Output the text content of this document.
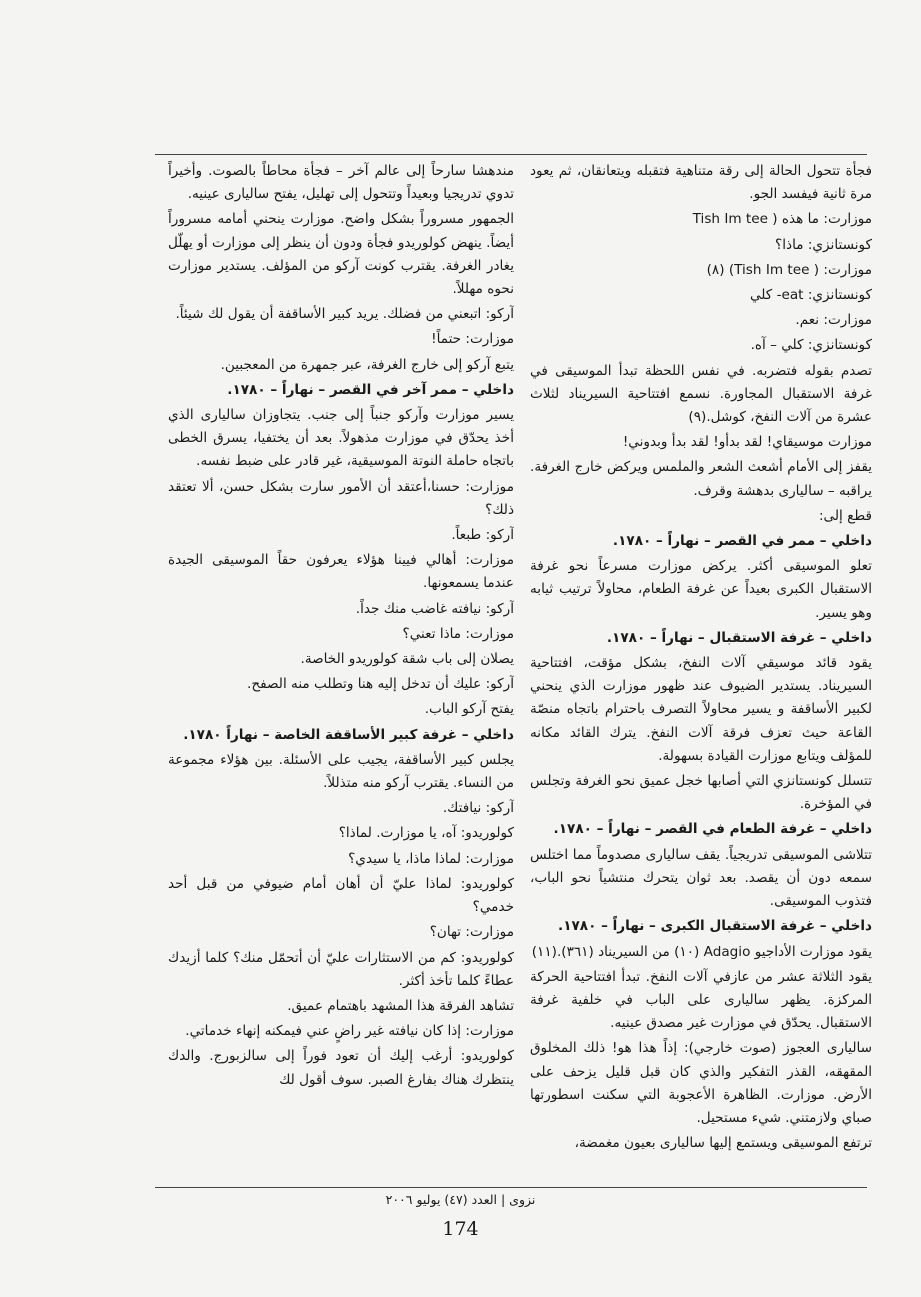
فجأة تتحول الحالة إلى رقة متناهية فتقبله ويتعانقان، ثم يعود مرة ثانية فيفسد الجو.

موزارت: ما هذه ( Tish Im tee

كونستانزي: ماذا؟

موزارت: ( Tish Im tee) (٨)

كونستانزي: eat- كلي

موزارت: نعم.

كونستانزي: كلي – آه.

تصدم بقوله فتضربه. في نفس اللحظة تبدأ الموسيقى في غرفة الاستقبال المجاورة. نسمع افتتاحية السيريناد لثلاث عشرة من آلات النفخ، كوشل.(٩)

موزارت موسيقاي! لقد بدأو! لقد بدأ وبدوني!

يقفز إلى الأمام أشعث الشعر والملمس ويركض خارج الغرفة. يراقبه – ساليارى بدهشة وقرف.

قطع إلى:

داخلي – ممر في القصر – نهاراً – ١٧٨٠.

تعلو الموسيقى أكثر. يركض موزارت مسرعاً نحو غرفة الاستقبال الكبرى بعيداً عن غرفة الطعام، محاولاً ترتيب ثيابه وهو يسير.

داخلي – غرفة الاستقبال – نهاراً – ١٧٨٠.

يقود قائد موسيقي آلات النفخ، بشكل مؤقت، افتتاحية السيريناد. يستدير الضيوف عند ظهور موزارت الذي ينحني لكبير الأساقفة و يسير محاولاً التصرف باحترام باتجاه منصّة القاعة حيث تعزف فرقة آلات النفخ. يترك القائد مكانه للمؤلف ويتابع موزارت القيادة بسهولة.

تتسلل كونستانزي التي أصابها خجل عميق نحو الغرفة وتجلس في المؤخرة.

داخلي – غرفة الطعام في القصر – نهاراً – ١٧٨٠.

تتلاشى الموسيقى تدريجياً. يقف ساليارى مصدوماً مما اختلس سمعه دون أن يقصد. بعد ثوان يتحرك منتشياً نحو الباب، فتذوب الموسيقى.

داخلي – غرفة الاستقبال الكبرى – نهاراً – ١٧٨٠.

يقود موزارت الأداجيو Adagio (١٠) من السيريناد (٣٦١).(١١)

يقود الثلاثة عشر من عازفي آلات النفخ. تبدأ افتتاحية الحركة المركزة. يظهر ساليارى على الباب في خلفية غرفة الاستقبال. يحدّق في موزارت غير مصدق عينيه.

ساليارى العجوز (صوت خارجي): إذاً هذا هو! ذلك المخلوق المقهقه، القذر التفكير والذي كان قبل قليل يزحف على الأرض. موزارت. الظاهرة الأعجوبة التي سكنت اسطورتها صباي ولازمتني. شيء مستحيل.

ترتفع الموسيقى ويستمع إليها ساليارى بعيون مغمضة،

مندهشا سارحاً إلى عالم آخر – فجأة محاطاً بالصوت. وأخيراً تدوي تدريجيا وبعيداً وتتحول إلى تهليل، يفتح ساليارى عينيه.

الجمهور مسروراً بشكل واضح. موزارت ينحني أمامه مسروراً أيضاً. ينهض كولوريدو فجأة ودون أن ينظر إلى موزارت أو يهلّل يغادر الغرفة. يقترب كونت آركو من المؤلف. يستدير موزارت نحوه مهللاً.

آركو: اتبعني من فضلك. يريد كبير الأساقفة أن يقول لك شيئاً.

موزارت: حتماً!

يتبع آركو إلى خارج الغرفة، عبر جمهرة من المعجبين.

داخلي – ممر آخر في القصر – نهاراً – ١٧٨٠.

يسير موزارت وآركو جنباً إلى جنب. يتجاوزان ساليارى الذي أخذ يحدّق في موزارت مذهولاً. بعد أن يختفيا، يسرق الخطى باتجاه حاملة النوتة الموسيقية، غير قادر على ضبط نفسه.

موزارت: حسنا،أعتقد أن الأمور سارت بشكل حسن، ألا تعتقد ذلك؟

آركو: طبعاً.

موزارت: أهالي فيينا هؤلاء يعرفون حقاً الموسيقى الجيدة عندما يسمعونها.

آركو: نيافته غاضب منك جداً.

موزارت: ماذا تعني؟

يصلان إلى باب شقة كولوريدو الخاصة.

آركو: عليك أن تدخل إليه هنا وتطلب منه الصفح.

يفتح آركو الباب.

داخلي – غرفة كبير الأساقفة الخاصة – نهاراً ١٧٨٠.

يجلس كبير الأساقفة، يجيب على الأسئلة. بين هؤلاء مجموعة من النساء. يقترب آركو منه متذللاً.

آركو: نيافتك.

كولوريدو: آه، يا موزارت. لماذا؟

موزارت: لماذا ماذا، يا سيدي؟

كولوريدو: لماذا عليّ أن أهان أمام ضيوفي من قبل أحد خدمي؟

موزارت: تهان؟

كولوريدو: كم من الاستثارات عليّ أن أتحمّل منك؟ كلما أزيدك عطاءً كلما تأخذ أكثر.

تشاهد الفرقة هذا المشهد باهتمام عميق.

موزارت: إذا كان نيافته غير راضٍ عني فيمكنه إنهاء خدماتي.

كولوريدو: أرغب إليك أن تعود فوراً إلى سالزبورج. والدك ينتظرك هناك بفارغ الصبر. سوف أقول لك

نزوى | العدد (٤٧) يوليو ٢٠٠٦
174
